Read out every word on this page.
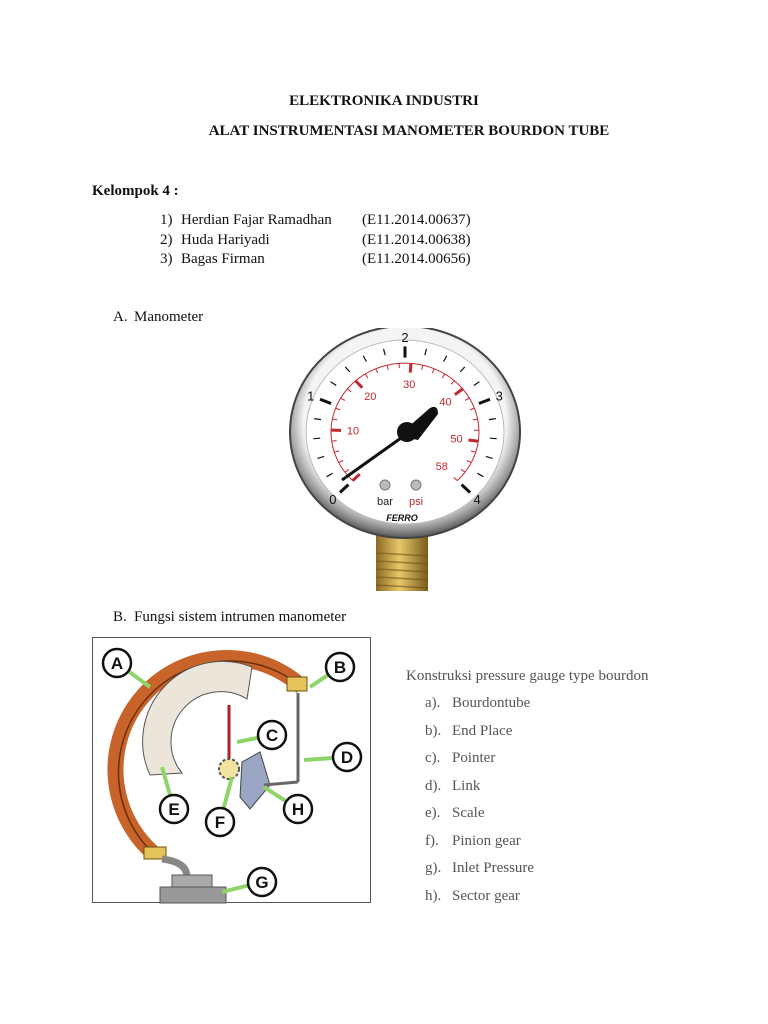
ELEKTRONIKA INDUSTRI
ALAT INSTRUMENTASI MANOMETER BOURDON TUBE
Kelompok 4 :
1) Herdian Fajar Ramadhan (E11.2014.00637)
2) Huda Hariyadi	(E11.2014.00638)
3) Bagas Firman	(E11.2014.00656)
A. Manometer
0
1
2
3
4
10
20
30
40
50
58
bar psi
FERRO
B. Fungsi sistem intrumen manometer
A	B
C
D
E
F
G
H
Konstruksi pressure gauge type bourdon
a). Bourdontube
b). End Place
c). Pointer
d). Link
e). Scale
f). Pinion gear
g). Inlet Pressure
h). Sector gear
